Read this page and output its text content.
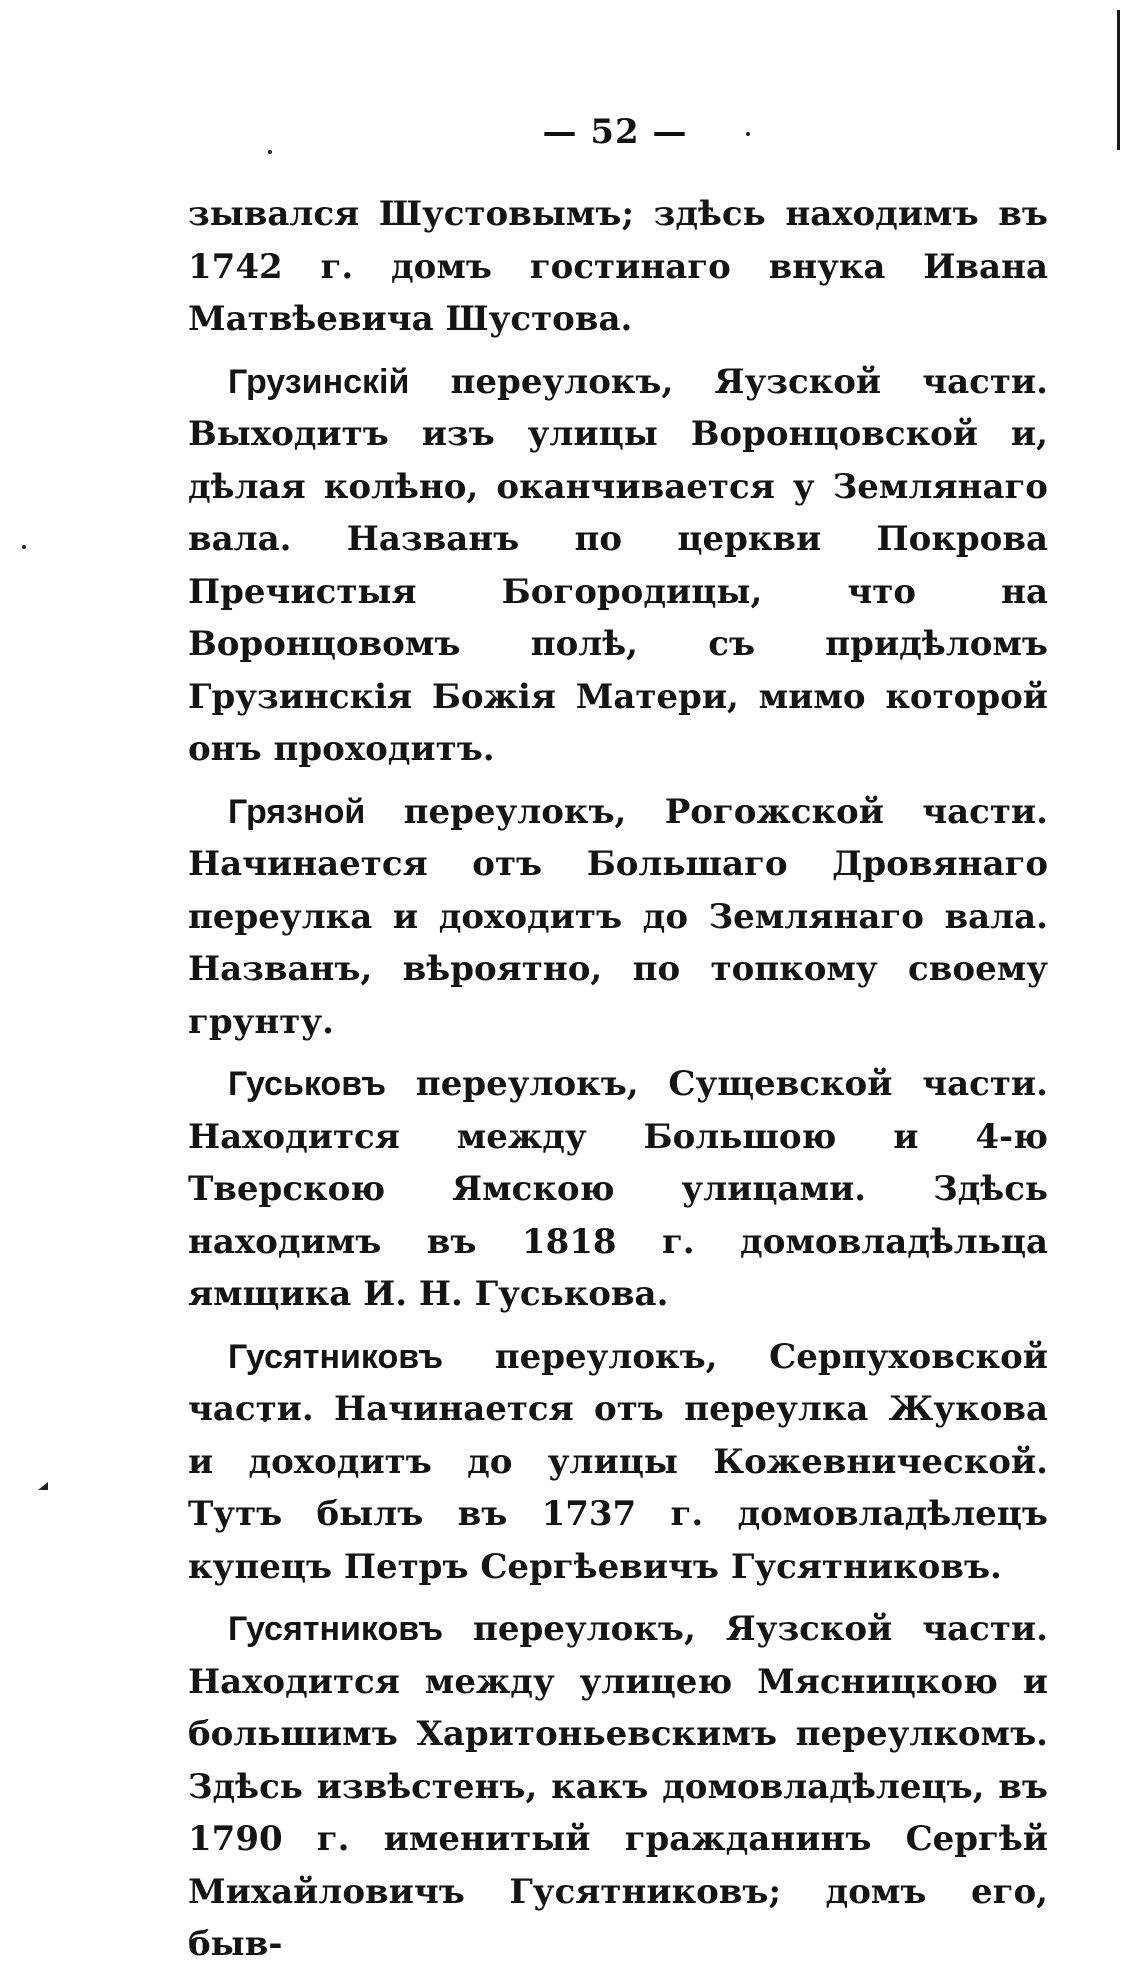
— 52 —

зывался Шустовымъ; здѣсь находимъ въ 1742 г. домъ гостинаго внука Ивана Матвѣевича Шустова.

Грузинскій переулокъ, Яузской части. Выходитъ изъ улицы Воронцовской и, дѣлая колѣно, оканчивается у Землянаго вала. Названъ по церкви Покрова Пречистыя Богородицы, что на Воронцовомъ полѣ, съ придѣломъ Грузинскія Божія Матери, мимо которой онъ проходитъ.

Грязной переулокъ, Рогожской части. Начинается отъ Большаго Дровянаго переулка и доходитъ до Землянаго вала. Названъ, вѣроятно, по топкому своему грунту.

Гуськовъ переулокъ, Сущевской части. Находится между Большою и 4-ю Тверскою Ямскою улицами. Здѣсь находимъ въ 1818 г. домовладѣльца ямщика И. Н. Гуськова.

Гусятниковъ переулокъ, Серпуховской части. Начинается отъ переулка Жукова и доходитъ до улицы Кожевнической. Тутъ былъ въ 1737 г. домовладѣлецъ купецъ Петръ Сергѣевичъ Гусятниковъ.

Гусятниковъ переулокъ, Яузской части. Находится между улицею Мясницкою и большимъ Харитоньевскимъ переулкомъ. Здѣсь извѣстенъ, какъ домовладѣлецъ, въ 1790 г. именитый гражданинъ Сергѣй Михайловичъ Гусятниковъ; домъ его, быв-
